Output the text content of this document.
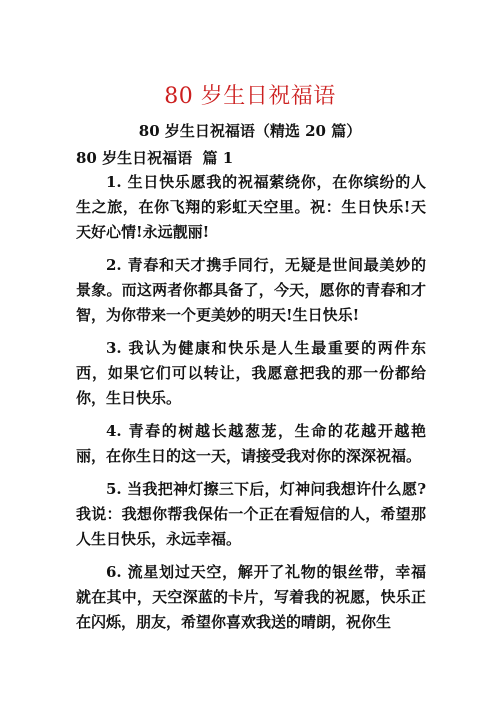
80 岁生日祝福语
80 岁生日祝福语（精选 20 篇）
80 岁生日祝福语  篇 1

1. 生日快乐愿我的祝福萦绕你，在你缤纷的人生之旅，在你飞翔的彩虹天空里。祝：生日快乐!天天好心情!永远靓丽!

2. 青春和天才携手同行，无疑是世间最美妙的景象。而这两者你都具备了，今天，愿你的青春和才智，为你带来一个更美妙的明天!生日快乐!

3. 我认为健康和快乐是人生最重要的两件东西，如果它们可以转让，我愿意把我的那一份都给你，生日快乐。

4. 青春的树越长越葱茏，生命的花越开越艳丽，在你生日的这一天，请接受我对你的深深祝福。

5. 当我把神灯擦三下后，灯神问我想许什么愿?我说：我想你帮我保佑一个正在看短信的人，希望那人生日快乐，永远幸福。

6. 流星划过天空，解开了礼物的银丝带，幸福就在其中，天空深蓝的卡片，写着我的祝愿，快乐正在闪烁，朋友，希望你喜欢我送的晴朗，祝你生
